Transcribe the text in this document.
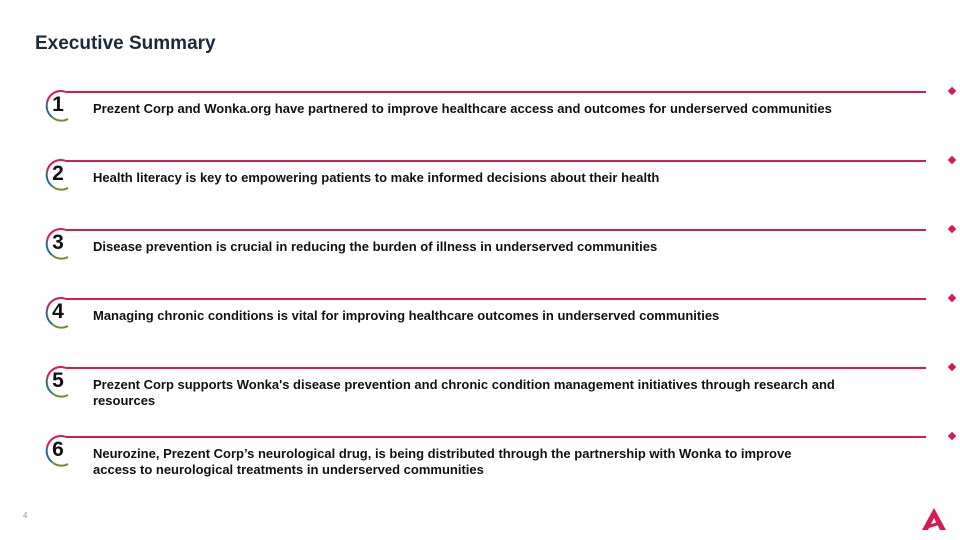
Executive Summary
1	Prezent Corp and Wonka.org have partnered to improve healthcare access and outcomes for underserved communities
2	Health literacy is key to empowering patients to make informed decisions about their health
3	Disease prevention is crucial in reducing the burden of illness in underserved communities
4	Managing chronic conditions is vital for improving healthcare outcomes in underserved communities
5	Prezent Corp supports Wonka's disease prevention and chronic condition management initiatives through research and resources
6	Neurozine, Prezent Corp’s neurological drug, is being distributed through the partnership with Wonka to improve access to neurological treatments in underserved communities
4
